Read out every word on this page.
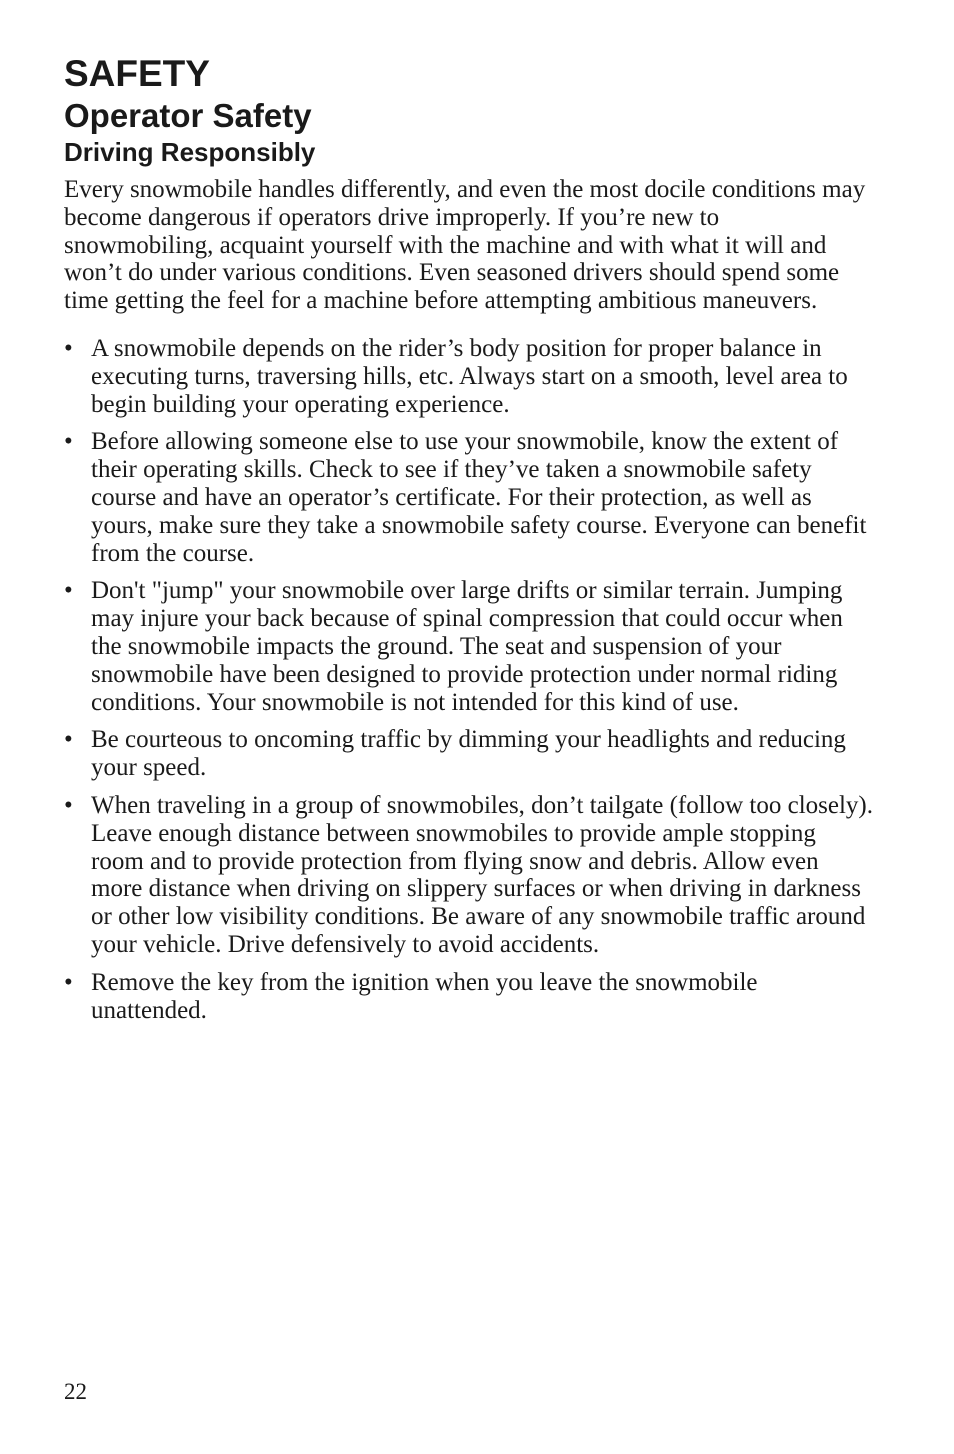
SAFETY
Operator Safety
Driving Responsibly

Every snowmobile handles differently, and even the most docile conditions may become dangerous if operators drive improperly. If you’re new to snowmobiling, acquaint yourself with the machine and with what it will and won’t do under various conditions. Even seasoned drivers should spend some time getting the feel for a machine before attempting ambitious maneuvers.

• A snowmobile depends on the rider’s body position for proper balance in executing turns, traversing hills, etc. Always start on a smooth, level area to begin building your operating experience.
• Before allowing someone else to use your snowmobile, know the extent of their operating skills. Check to see if they’ve taken a snowmobile safety course and have an operator’s certificate. For their protection, as well as yours, make sure they take a snowmobile safety course. Everyone can benefit from the course.
• Don't "jump" your snowmobile over large drifts or similar terrain. Jumping may injure your back because of spinal compression that could occur when the snowmobile impacts the ground. The seat and suspension of your snowmobile have been designed to provide protection under normal riding conditions. Your snowmobile is not intended for this kind of use.
• Be courteous to oncoming traffic by dimming your headlights and reducing your speed.
• When traveling in a group of snowmobiles, don’t tailgate (follow too closely). Leave enough distance between snowmobiles to provide ample stopping room and to provide protection from flying snow and debris. Allow even more distance when driving on slippery surfaces or when driving in darkness or other low visibility conditions. Be aware of any snowmobile traffic around your vehicle. Drive defensively to avoid accidents.
• Remove the key from the ignition when you leave the snowmobile unattended.
22
